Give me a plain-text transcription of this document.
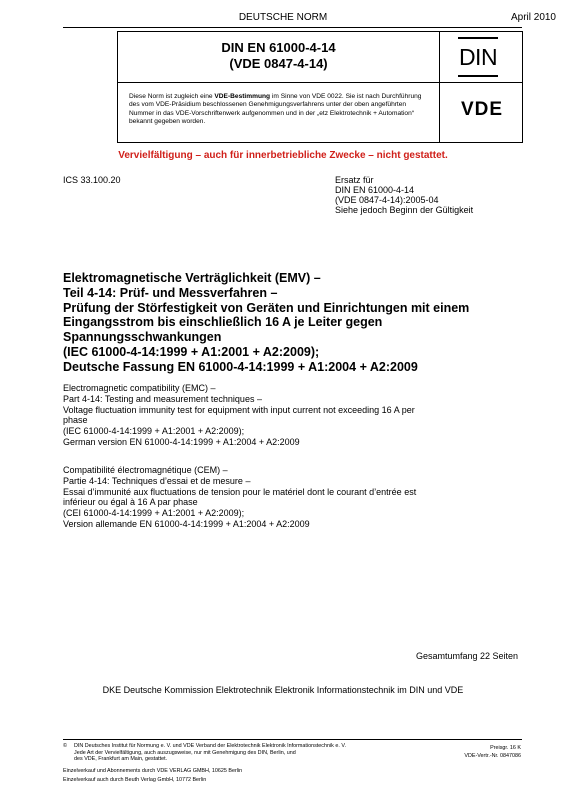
DEUTSCHE NORM	April 2010
DIN EN 61000-4-14
(VDE 0847-4-14)
Diese Norm ist zugleich eine VDE-Bestimmung im Sinne von VDE 0022. Sie ist nach Durchführung des vom VDE-Präsidium beschlossenen Genehmigungsverfahrens unter der oben angeführten Nummer in das VDE-Vorschriftenwerk aufgenommen und in der „etz Elektrotechnik + Automation“ bekannt gegeben worden.
DIN
VDE
Vervielfältigung – auch für innerbetriebliche Zwecke – nicht gestattet.
ICS 33.100.20	Ersatz für
DIN EN 61000-4-14
(VDE 0847-4-14):2005-04
Siehe jedoch Beginn der Gültigkeit
Elektromagnetische Verträglichkeit (EMV) –
Teil 4-14: Prüf- und Messverfahren –
Prüfung der Störfestigkeit von Geräten und Einrichtungen mit einem
Eingangsstrom bis einschließlich 16 A je Leiter gegen
Spannungsschwankungen
(IEC 61000-4-14:1999 + A1:2001 + A2:2009);
Deutsche Fassung EN 61000-4-14:1999 + A1:2004 + A2:2009
Electromagnetic compatibility (EMC) –
Part 4-14: Testing and measurement techniques –
Voltage fluctuation immunity test for equipment with input current not exceeding 16 A per
phase
(IEC 61000-4-14:1999 + A1:2001 + A2:2009);
German version EN 61000-4-14:1999 + A1:2004 + A2:2009
Compatibilité électromagnétique (CEM) –
Partie 4-14: Techniques d’essai et de mesure –
Essai d’immunité aux fluctuations de tension pour le matériel dont le courant d’entrée est
inférieur ou égal à 16 A par phase
(CEI 61000-4-14:1999 + A1:2001 + A2:2009);
Version allemande EN 61000-4-14:1999 + A1:2004 + A2:2009
Gesamtumfang 22 Seiten
DKE Deutsche Kommission Elektrotechnik Elektronik Informationstechnik im DIN und VDE
© DIN Deutsches Institut für Normung e. V. und VDE Verband der Elektrotechnik Elektronik Informationstechnik e. V.
Jede Art der Vervielfältigung, auch auszugsweise, nur mit Genehmigung des DIN, Berlin, und
des VDE, Frankfurt am Main, gestattet.
Einzelverkauf und Abonnements durch VDE VERLAG GMBH, 10625 Berlin
Einzelverkauf auch durch Beuth Verlag GmbH, 10772 Berlin
Preisgr. 16 K
VDE-Vertr.-Nr. 0847086
